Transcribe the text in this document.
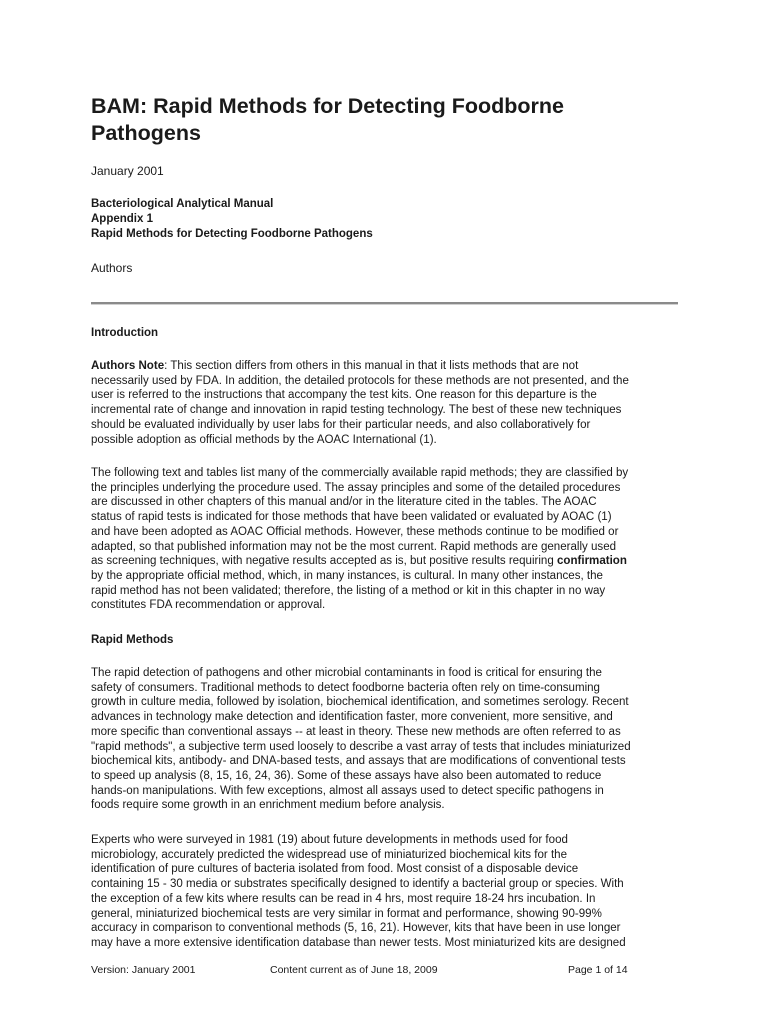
BAM: Rapid Methods for Detecting Foodborne
Pathogens
January 2001
Bacteriological Analytical Manual
Appendix 1
Rapid Methods for Detecting Foodborne Pathogens
Authors
Introduction
Authors Note: This section differs from others in this manual in that it lists methods that are not
necessarily used by FDA. In addition, the detailed protocols for these methods are not presented, and the
user is referred to the instructions that accompany the test kits. One reason for this departure is the
incremental rate of change and innovation in rapid testing technology. The best of these new techniques
should be evaluated individually by user labs for their particular needs, and also collaboratively for
possible adoption as official methods by the AOAC International (1).
The following text and tables list many of the commercially available rapid methods; they are classified by
the principles underlying the procedure used. The assay principles and some of the detailed procedures
are discussed in other chapters of this manual and/or in the literature cited in the tables. The AOAC
status of rapid tests is indicated for those methods that have been validated or evaluated by AOAC (1)
and have been adopted as AOAC Official methods. However, these methods continue to be modified or
adapted, so that published information may not be the most current. Rapid methods are generally used
as screening techniques, with negative results accepted as is, but positive results requiring confirmation
by the appropriate official method, which, in many instances, is cultural. In many other instances, the
rapid method has not been validated; therefore, the listing of a method or kit in this chapter in no way
constitutes FDA recommendation or approval.
Rapid Methods
The rapid detection of pathogens and other microbial contaminants in food is critical for ensuring the
safety of consumers. Traditional methods to detect foodborne bacteria often rely on time-consuming
growth in culture media, followed by isolation, biochemical identification, and sometimes serology. Recent
advances in technology make detection and identification faster, more convenient, more sensitive, and
more specific than conventional assays -- at least in theory. These new methods are often referred to as
"rapid methods", a subjective term used loosely to describe a vast array of tests that includes miniaturized
biochemical kits, antibody- and DNA-based tests, and assays that are modifications of conventional tests
to speed up analysis (8, 15, 16, 24, 36). Some of these assays have also been automated to reduce
hands-on manipulations. With few exceptions, almost all assays used to detect specific pathogens in
foods require some growth in an enrichment medium before analysis.
Experts who were surveyed in 1981 (19) about future developments in methods used for food
microbiology, accurately predicted the widespread use of miniaturized biochemical kits for the
identification of pure cultures of bacteria isolated from food. Most consist of a disposable device
containing 15 - 30 media or substrates specifically designed to identify a bacterial group or species. With
the exception of a few kits where results can be read in 4 hrs, most require 18-24 hrs incubation. In
general, miniaturized biochemical tests are very similar in format and performance, showing 90-99%
accuracy in comparison to conventional methods (5, 16, 21). However, kits that have been in use longer
may have a more extensive identification database than newer tests. Most miniaturized kits are designed
Version: January 2001	Content current as of June 18, 2009	Page 1 of 14
